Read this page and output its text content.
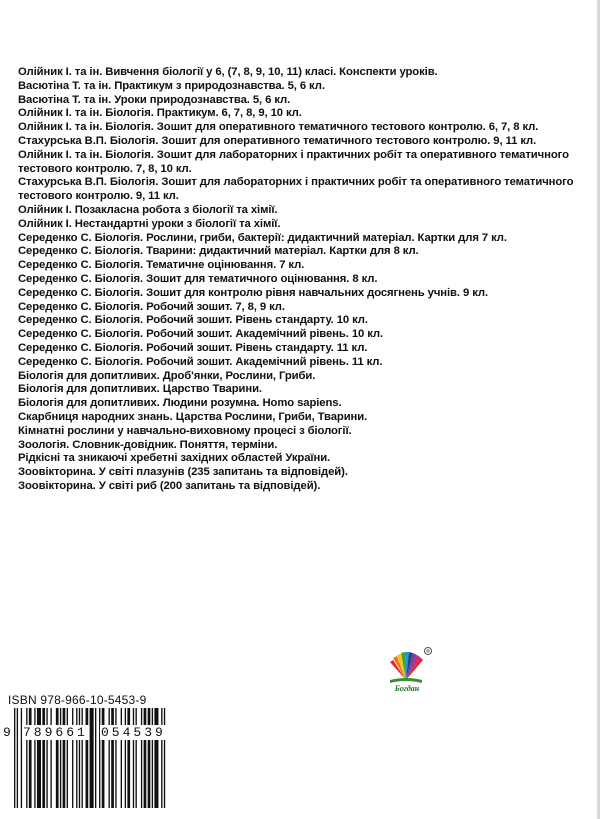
Олійник І. та ін. Вивчення біології у 6, (7, 8, 9, 10, 11) класі. Конспекти уроків.
Васютіна Т. та ін. Практикум з природознавства. 5, 6 кл.
Васютіна Т. та ін. Уроки природознавства. 5, 6 кл.
Олійник І. та ін. Біологія. Практикум. 6, 7, 8, 9, 10 кл.
Олійник І. та ін. Біологія. Зошит для оперативного тематичного тестового контролю. 6, 7, 8 кл.
Стахурська В.П. Біологія. Зошит для оперативного тематичного тестового контролю. 9, 11 кл.
Олійник І. та ін. Біологія. Зошит для лабораторних і практичних робіт та оперативного тематичного тестового контролю. 7, 8, 10 кл.
Стахурська В.П. Біологія. Зошит для лабораторних і практичних робіт та оперативного тематичного тестового контролю. 9, 11 кл.
Олійник І. Позакласна робота з біології та хімії.
Олійник І. Нестандартні уроки з біології та хімії.
Середенко С. Біологія. Рослини, гриби, бактерії: дидактичний матеріал. Картки для 7 кл.
Середенко С. Біологія. Тварини: дидактичний матеріал. Картки для 8 кл.
Середенко С. Біологія. Тематичне оцінювання. 7 кл.
Середенко С. Біологія. Зошит для тематичного оцінювання. 8 кл.
Середенко С. Біологія. Зошит для контролю рівня навчальних досягнень учнів. 9 кл.
Середенко С. Біологія. Робочий зошит. 7, 8, 9 кл.
Середенко С. Біологія. Робочий зошит. Рівень стандарту. 10 кл.
Середенко С. Біологія. Робочий зошит. Академічний рівень. 10 кл.
Середенко С. Біологія. Робочий зошит. Рівень стандарту. 11 кл.
Середенко С. Біологія. Робочий зошит. Академічний рівень. 11 кл.
Біологія для допитливих. Дроб'янки, Рослини, Гриби.
Біологія для допитливих. Царство Тварини.
Біологія для допитливих. Людини розумна. Homo sapiens.
Скарбниця народних знань. Царства Рослини, Гриби, Тварини.
Кімнатні рослини у навчально-виховному процесі з біології.
Зоологія. Словник-довідник. Поняття, терміни.
Рідкісні та зникаючі хребетні західних областей України.
Зоовікторина. У світі плазунів (235 запитань та відповідей).
Зоовікторина. У світі риб (200 запитань та відповідей).
®
Богдан
ISBN 978-966-10-5453-9
9 789661 054539
